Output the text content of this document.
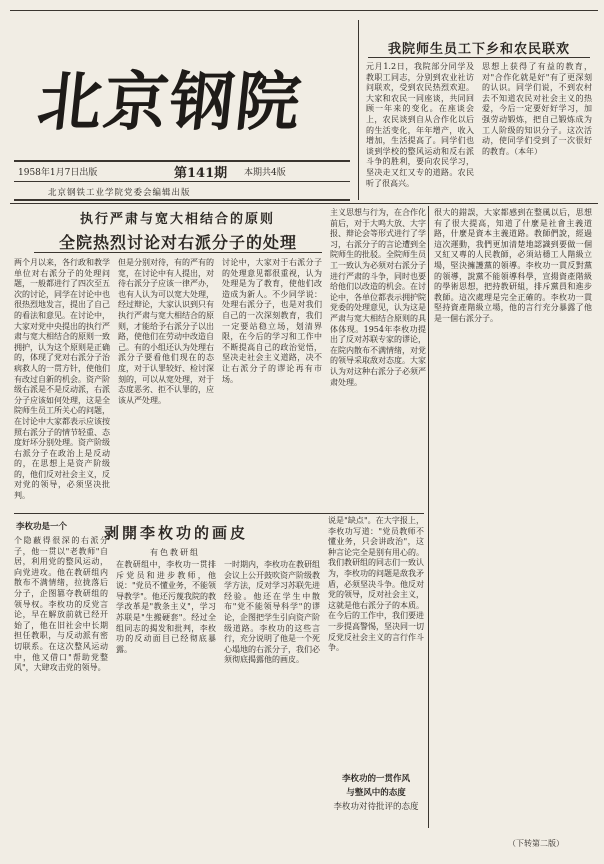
北京钢院
1958年1月7日出版	第141期 本期共4版
北京钢铁工业学院党委会编辑出版
我院师生员工下乡和农民联欢
元月1.2日，我院部分同学及教职工同志，分别到农业社访问联欢，受到农民热烈欢迎。大家和农民一同座谈，共同回顾一年来的变化。在座谈会上，农民谈到自从合作化以后的生活变化，年年增产，收入增加，生活提高了。同学们也谈到学校的整风运动和反右派斗争的胜利，要向农民学习，坚决走又红又专的道路。农民听了很高兴。
思想上获得了有益的教育，对"合作化就是好"有了更深刻的认识。同学们说，不到农村去不知道农民对社会主义的热爱，今后一定要好好学习，加强劳动锻炼，把自己锻炼成为工人阶级的知识分子。这次活动，使同学们受到了一次很好的教育。（本年）
执行严肃与宽大相结合的原则
全院热烈讨论对右派分子的处理
两个月以来，各行政和教学单位对右派分子的处理问题，一般都进行了四次至五次的讨论，同学在讨论中也很热烈地发言，提出了自己的看法和意见。在讨论中，大家对党中央提出的执行严肃与宽大相结合的原则一致拥护，认为这个原则是正确的，体现了党对右派分子治病救人的一贯方针，使他们有改过自新的机会。资产阶级右派是不是反动派，右派分子应该如何处理，这是全院师生员工所关心的问题，在讨论中大家都表示应该按照右派分子的情节轻重、态度好坏分别处理。资产阶级右派分子在政治上是反动的，在思想上是资产阶级的，他们反对社会主义，反对党的领导，必须坚决批判。
但是分别对待，有的严有的宽，在讨论中有人提出，对待右派分子应该一律严办，也有人认为可以宽大处理，经过辩论，大家认识到只有执行严肃与宽大相结合的原则，才能给予右派分子以出路，使他们在劳动中改造自己。有的小组还认为处理右派分子要看他们现在的态度，对于认罪较好、检讨深刻的，可以从宽处理，对于态度恶劣、拒不认罪的，应该从严处理。
讨论中，大家对于右派分子的处理意见都很重视，认为处理是为了教育，使他们改造成为新人。不少同学说：处理右派分子，也是对我们自己的一次深刻教育，我们一定要站稳立场，划清界限，在今后的学习和工作中不断提高自己的政治觉悟，坚决走社会主义道路，决不让右派分子的谬论再有市场。
主义思想与行为，在合作化前后，对于大鸣大放、大字报、辩论会等形式进行了学习，右派分子的言论遭到全院师生的批驳。全院师生员工一致认为必须对右派分子进行严肃的斗争，同时也要给他们以改造的机会。在讨论中，各单位都表示拥护院党委的处理意见，认为这是严肃与宽大相结合原则的具体体现。1954年李枚功提出了反对苏联专家的谬论，在院内散布不满情绪，对党的领导采取敌对态度。大家认为对这种右派分子必须严肃处理。
很大的錯誤，大家都感到在整風以后，思想有了很大提高，知道了什麼是社會主義道路，什麼是資本主義道路。教師們說，經過這次運動，我們更加清楚地認識到要做一個又紅又專的人民教師，必須站穩工人階級立場，堅決擁護黨的領導。李枚功一貫反對黨的領導，說黨不能領導科學，宣揚資產階級的學術思想，把持教研組，排斥黨員和進步教師。這次處理是完全正確的。李枚功一貫堅持資產階級立場，他的言行充分暴露了他是一個右派分子。
剥開李枚功的画皮
有色教研组
李枚功是一个
个隐蔽得很深的右派分子，他一贯以"老教师"自居，利用党的整风运动，向党进攻。他在教研组内散布不满情绪，拉拢落后分子，企图篡夺教研组的领导权。李枚功的反党言论，早在解放前就已经开始了，他在旧社会中长期担任教职，与反动派有密切联系。在这次整风运动中，他又借口"帮助党整风"，大肆攻击党的领导。
在教研组中，李枚功一贯排斥党员和进步教师，他说："党员不懂业务，不能领导教学"。他还污蔑我院的教学改革是"教条主义"，学习苏联是"生搬硬套"。经过全组同志的揭发和批判，李枚功的反动面目已经彻底暴露。
一时期内，李枚功在教研组会议上公开鼓吹资产阶级教学方法，反对学习苏联先进经验。他还在学生中散布"党不能领导科学"的谬论，企图把学生引向资产阶级道路。李枚功的这些言行，充分说明了他是一个死心塌地的右派分子，我们必须彻底揭露他的画皮。
说是"缺点"。在大字报上，李枚功写道："党员教师不懂业务，只会讲政治"，这种言论完全是别有用心的。我们教研组的同志们一致认为，李枚功的问题是敌我矛盾，必须坚决斗争。他反对党的领导，反对社会主义，这就是他右派分子的本质。在今后的工作中，我们要进一步提高警惕，坚决同一切反党反社会主义的言行作斗争。
李枚功的一贯作风
与整风中的态度
李枚功对待批评的态度
（下转第二版）
